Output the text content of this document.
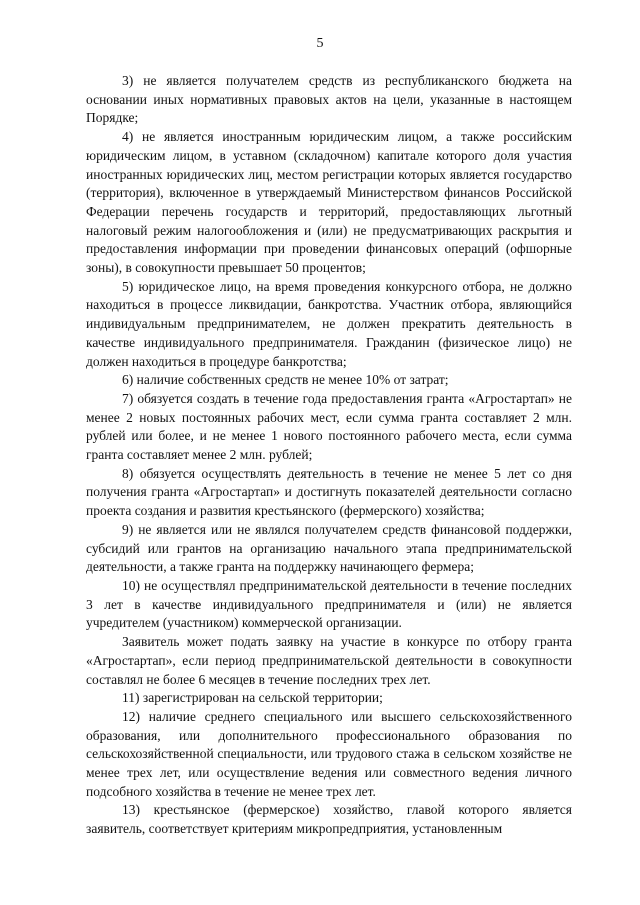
5

3) не является получателем средств из республиканского бюджета на основании иных нормативных правовых актов на цели, указанные в настоящем Порядке;

4) не является иностранным юридическим лицом, а также российским юридическим лицом, в уставном (складочном) капитале которого доля участия иностранных юридических лиц, местом регистрации которых является государство (территория), включенное в утверждаемый Министерством финансов Российской Федерации перечень государств и территорий, предоставляющих льготный налоговый режим налогообложения и (или) не предусматривающих раскрытия и предоставления информации при проведении финансовых операций (офшорные зоны), в совокупности превышает 50 процентов;

5) юридическое лицо, на время проведения конкурсного отбора, не должно находиться в процессе ликвидации, банкротства. Участник отбора, являющийся индивидуальным предпринимателем, не должен прекратить деятельность в качестве индивидуального предпринимателя. Гражданин (физическое лицо) не должен находиться в процедуре банкротства;

6) наличие собственных средств не менее 10% от затрат;

7) обязуется создать в течение года предоставления гранта «Агростартап» не менее 2 новых постоянных рабочих мест, если сумма гранта составляет 2 млн. рублей или более, и не менее 1 нового постоянного рабочего места, если сумма гранта составляет менее 2 млн. рублей;

8) обязуется осуществлять деятельность в течение не менее 5 лет со дня получения гранта «Агростартап» и достигнуть показателей деятельности согласно проекта создания и развития крестьянского (фермерского) хозяйства;

9) не является или не являлся получателем средств финансовой поддержки, субсидий или грантов на организацию начального этапа предпринимательской деятельности, а также гранта на поддержку начинающего фермера;

10) не осуществлял предпринимательской деятельности в течение последних 3 лет в качестве индивидуального предпринимателя и (или) не является учредителем (участником) коммерческой организации.

Заявитель может подать заявку на участие в конкурсе по отбору гранта «Агростартап», если период предпринимательской деятельности в совокупности составлял не более 6 месяцев в течение последних трех лет.

11) зарегистрирован на сельской территории;

12) наличие среднего специального или высшего сельскохозяйственного образования, или дополнительного профессионального образования по сельскохозяйственной специальности, или трудового стажа в сельском хозяйстве не менее трех лет, или осуществление ведения или совместного ведения личного подсобного хозяйства в течение не менее трех лет.

13) крестьянское (фермерское) хозяйство, главой которого является заявитель, соответствует критериям микропредприятия, установленным
